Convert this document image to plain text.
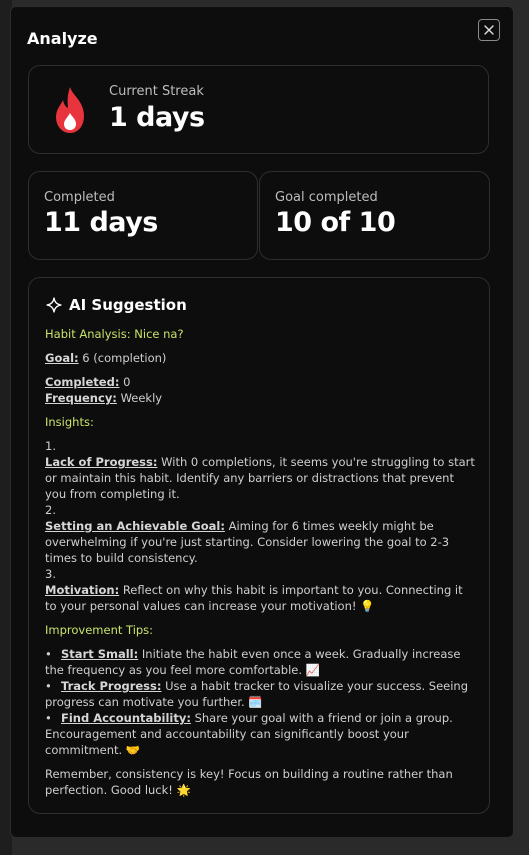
Analyze
Current Streak
1 days
Completed
11 days
Goal completed
10 of 10
AI Suggestion
Habit Analysis: Nice na?
Goal: 6 (completion)
Completed: 0
Frequency: Weekly
Insights:
1.
Lack of Progress: With 0 completions, it seems you're struggling to start or maintain this habit. Identify any barriers or distractions that prevent you from completing it.
2.
Setting an Achievable Goal: Aiming for 6 times weekly might be overwhelming if you're just starting. Consider lowering the goal to 2-3 times to build consistency.
3.
Motivation: Reflect on why this habit is important to you. Connecting it to your personal values can increase your motivation! 💡
Improvement Tips:
• Start Small: Initiate the habit even once a week. Gradually increase the frequency as you feel more comfortable. 📈
• Track Progress: Use a habit tracker to visualize your success. Seeing progress can motivate you further. 🗓️
• Find Accountability: Share your goal with a friend or join a group. Encouragement and accountability can significantly boost your commitment. 🤝
Remember, consistency is key! Focus on building a routine rather than perfection. Good luck! 🌟
